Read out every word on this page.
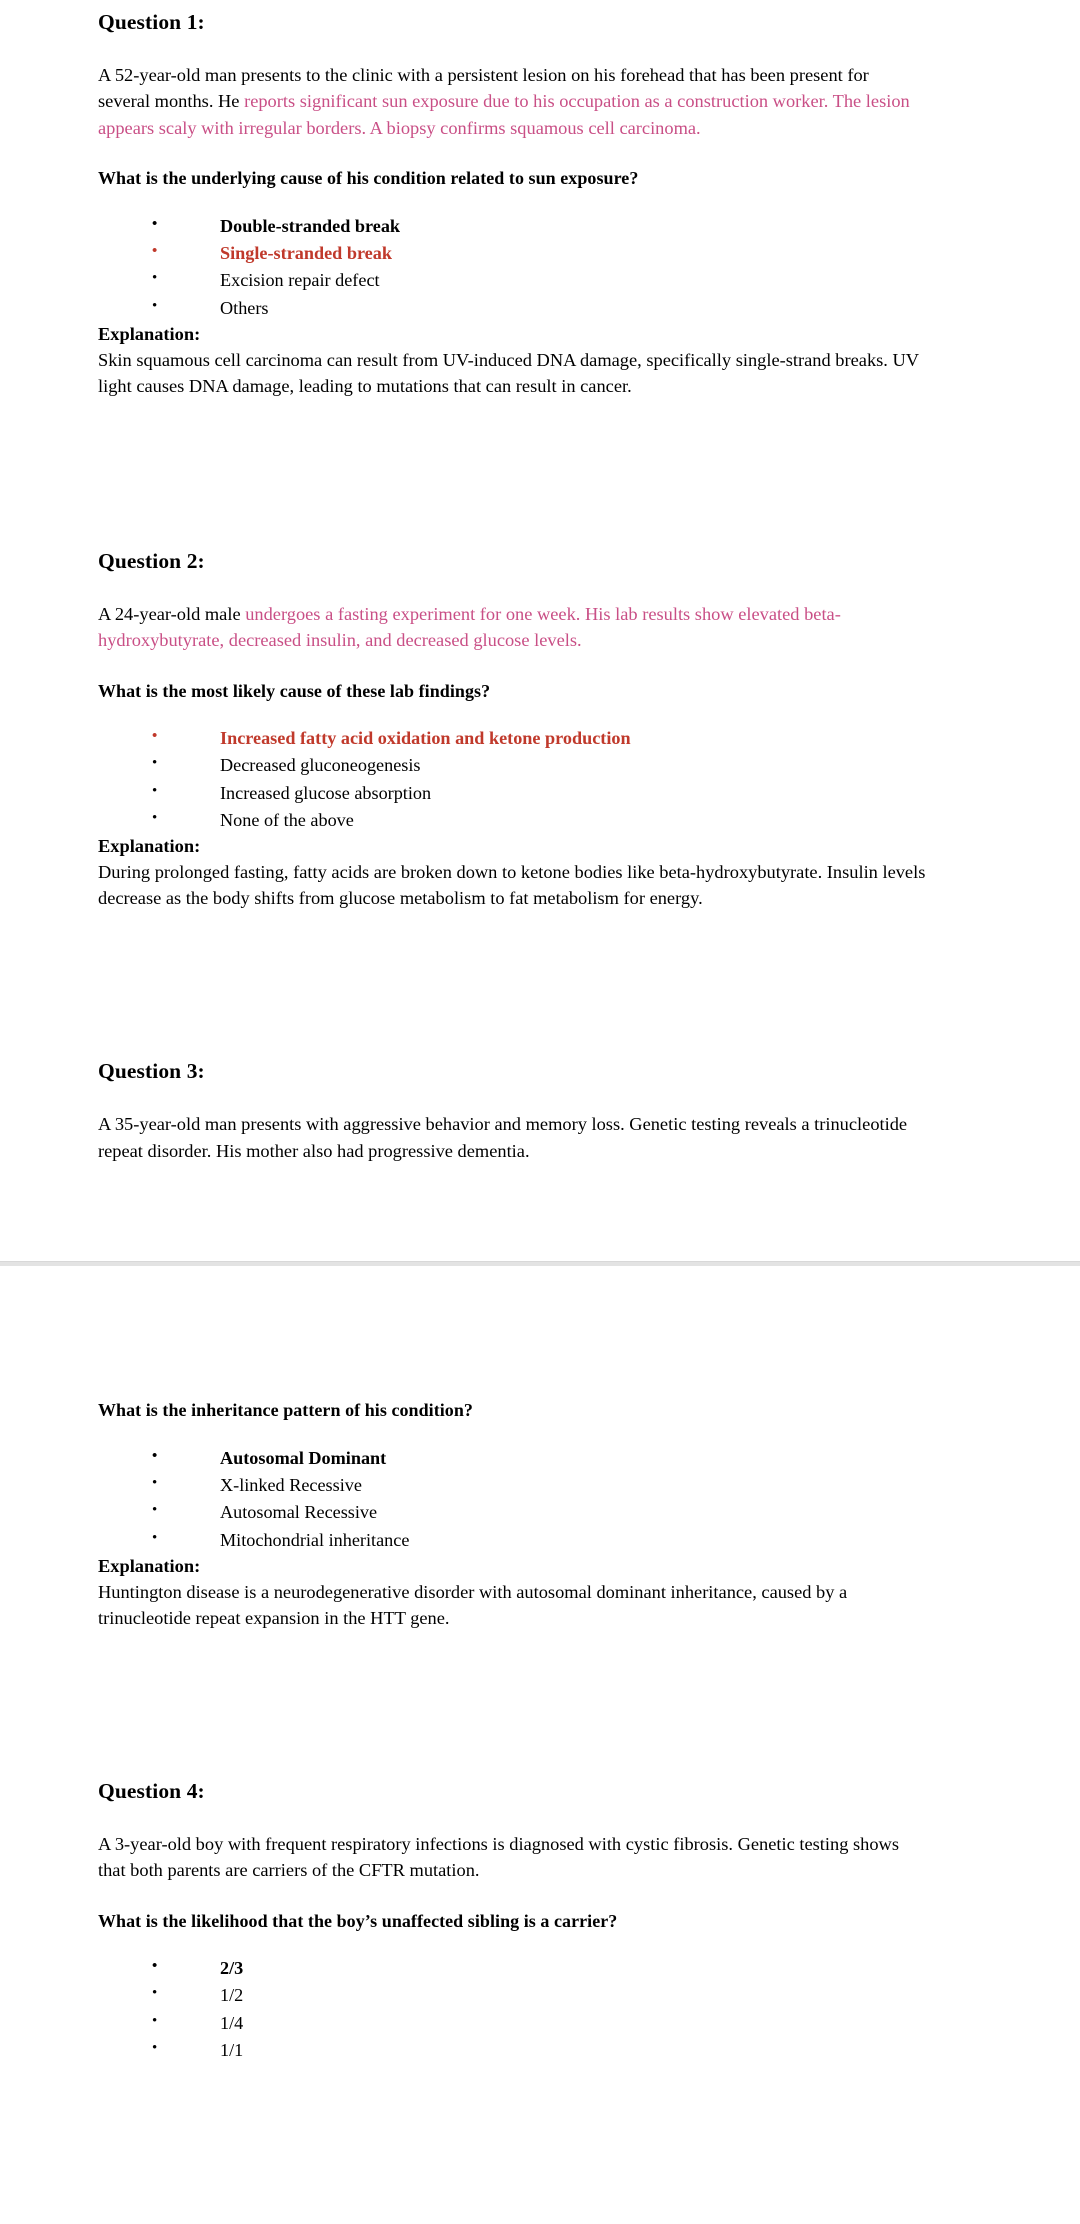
Question 1:
A 52-year-old man presents to the clinic with a persistent lesion on his forehead that has been present for several months. He reports significant sun exposure due to his occupation as a construction worker. The lesion appears scaly with irregular borders. A biopsy confirms squamous cell carcinoma.
What is the underlying cause of his condition related to sun exposure?
•	Double-stranded break
•	Single-stranded break
•	Excision repair defect
•	Others
Explanation:
Skin squamous cell carcinoma can result from UV-induced DNA damage, specifically single-strand breaks. UV light causes DNA damage, leading to mutations that can result in cancer.
Question 2:
A 24-year-old male undergoes a fasting experiment for one week. His lab results show elevated beta-hydroxybutyrate, decreased insulin, and decreased glucose levels.
What is the most likely cause of these lab findings?
•	Increased fatty acid oxidation and ketone production
•	Decreased gluconeogenesis
•	Increased glucose absorption
•	None of the above
Explanation:
During prolonged fasting, fatty acids are broken down to ketone bodies like beta-hydroxybutyrate. Insulin levels decrease as the body shifts from glucose metabolism to fat metabolism for energy.
Question 3:
A 35-year-old man presents with aggressive behavior and memory loss. Genetic testing reveals a trinucleotide repeat disorder. His mother also had progressive dementia.
What is the inheritance pattern of his condition?
•	Autosomal Dominant
•	X-linked Recessive
•	Autosomal Recessive
•	Mitochondrial inheritance
Explanation:
Huntington disease is a neurodegenerative disorder with autosomal dominant inheritance, caused by a trinucleotide repeat expansion in the HTT gene.
Question 4:
A 3-year-old boy with frequent respiratory infections is diagnosed with cystic fibrosis. Genetic testing shows that both parents are carriers of the CFTR mutation.
What is the likelihood that the boy’s unaffected sibling is a carrier?
•	2/3
•	1/2
•	1/4
•	1/1
